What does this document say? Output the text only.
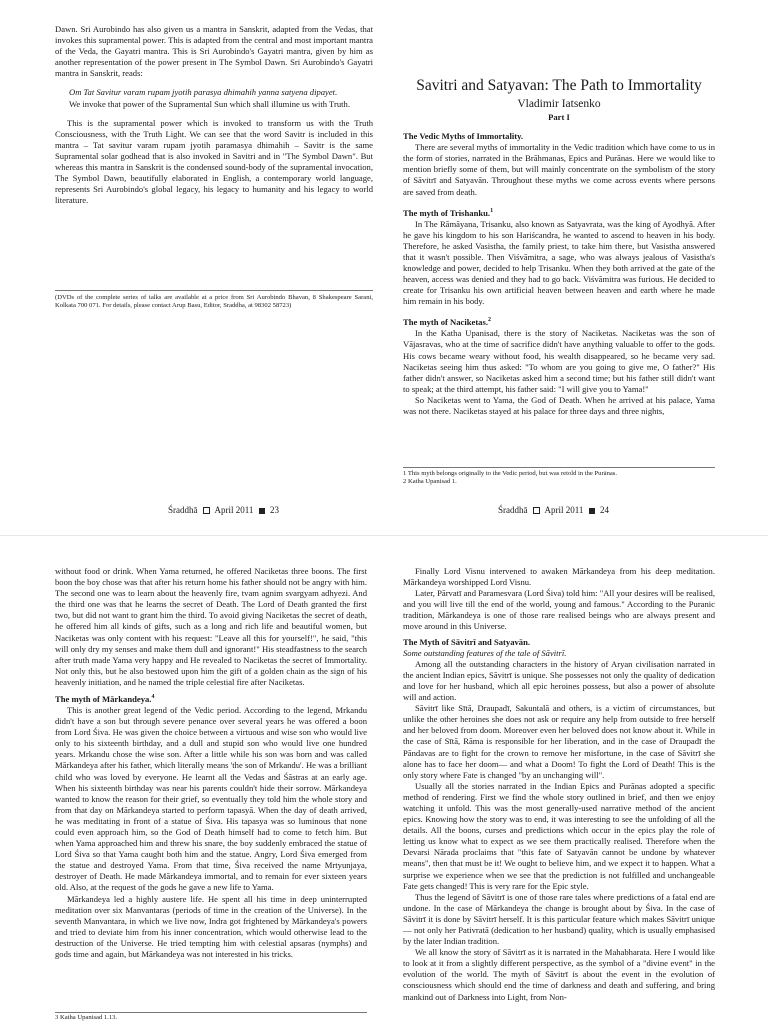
Dawn. Sri Aurobindo has also given us a mantra in Sanskrit, adapted from the Vedas, that invokes this supramental power. This is adapted from the central and most important mantra of the Veda, the Gayatri mantra. This is Sri Aurobindo's Gayatri mantra, given by him as another representation of the power present in The Symbol Dawn. Sri Aurobindo's Gayatri mantra in Sanskrit, reads:

Om Tat Savitur varam rupam jyotih parasya dhimahih yanna satyena dipayet.

We invoke that power of the Supramental Sun which shall illumine us with Truth.

This is the supramental power which is invoked to transform us with the Truth Consciousness, with the Truth Light. We can see that the word Savitr is included in this mantra – Tat savitur varam rupam jyotih paramasya dhimahih – Savitr is the same Supramental solar godhead that is also invoked in Savitri and in "The Symbol Dawn". But whereas this mantra in Sanskrit is the condensed sound-body of the supramental invocation, The Symbol Dawn, beautifully elaborated in English, a contemporary world language, represents Sri Aurobindo's global legacy, his legacy to humanity and his legacy to world literature.

(DVDs of the complete series of talks are available at a price from Sri Aurobindo Bhavan, 8 Shakespeare Sarani, Kolkata 700 071. For details, please contact Arup Basu, Editor, Sraddha, at 98302 58723)
Śraddhā April 2011 23

Savitri and Satyavan: The Path to Immortality

Vladimir Iatsenko

Part I

The Vedic Myths of Immortality.

There are several myths of immortality in the Vedic tradition which have come to us in the form of stories, narrated in the Brāhmanas, Epics and Purānas. Here we would like to mention briefly some of them, but will mainly concentrate on the symbolism of the story of Sāvitrī and Satyavān. Throughout these myths we come across events where persons are saved from death.

The myth of Trishanku.$^1$

In The Rāmāyana, Trisanku, also known as Satyavrata, was the king of Ayodhyā. After he gave his kingdom to his son Hariścandra, he wanted to ascend to heaven in his body. Therefore, he asked Vasistha, the family priest, to take him there, but Vasistha answered that it wasn't possible. Then Viśvāmitra, a sage, who was always jealous of Vasistha's knowledge and power, decided to help Trisanku. When they both arrived at the gate of the heaven, access was denied and they had to go back. Viśvāmitra was furious. He decided to create for Trisanku his own artificial heaven between heaven and earth where he made him remain in his body.

The myth of Naciketas.$^2$

In the Katha Upanisad, there is the story of Naciketas. Naciketas was the son of Vājasravas, who at the time of sacrifice didn't have anything valuable to offer to the gods. His cows became weary without food, his wealth disappeared, so he became very sad. Naciketas seeing him thus asked: "To whom are you going to give me, O father?" His father didn't answer, so Naciketas asked him a second time; but his father still didn't want to speak; at the third attempt, his father said: "I will give you to Yama!"

So Naciketas went to Yama, the God of Death. When he arrived at his palace, Yama was not there. Naciketas stayed at his palace for three days and three nights,

1 This myth belongs originally to the Vedic period, but was retold in the Purānas.
2 Katha Upanisad 1.
Śraddhā April 2011 24

without food or drink. When Yama returned, he offered Naciketas three boons. The first boon the boy chose was that after his return home his father should not be angry with him. The second one was to learn about the heavenly fire, tvam agnim svargyam adhyezi. And the third one was that he learns the secret of Death. The Lord of Death granted the first two, but did not want to grant him the third. To avoid giving Naciketas the secret of death, he offered him all kinds of gifts, such as a long and rich life and beautiful women, but Naciketas was only content with his request: "Leave all this for yourself!", he said, "this will only dry my senses and make them dull and ignorant!" His steadfastness to the search after truth made Yama very happy and He revealed to Naciketas the secret of Immortality. Not only this, but he also bestowed upon him the gift of a golden chain as the sign of his heavenly initiation, and he named the triple celestial fire after Naciketas.

The myth of Mārkandeya.$^4$

This is another great legend of the Vedic period. According to the legend, Mrkandu didn't have a son but through severe penance over several years he was offered a boon from Lord Śiva. He was given the choice between a virtuous and wise son who would live only to his sixteenth birthday, and a dull and stupid son who would live one hundred years. Mrkandu chose the wise son. After a little while his son was born and was called Mārkandeya after his father, which literally means 'the son of Mrkandu'. He was a brilliant child who was loved by everyone. He learnt all the Vedas and Śāstras at an early age. When his sixteenth birthday was near his parents couldn't hide their sorrow. Mārkandeya wanted to know the reason for their grief, so eventually they told him the whole story and from that day on Mārkandeya started to perform tapasyā. When the day of death arrived, he was meditating in front of a statue of Śiva. His tapasya was so luminous that none could even approach him, so the God of Death himself had to come to fetch him. But when Yama approached him and threw his snare, the boy suddenly embraced the statue of Lord Śiva so that Yama caught both him and the statue. Angry, Lord Śiva emerged from the statue and destroyed Yama. From that time, Śiva received the name Mrtyunjaya, destroyer of Death. He made Mārkandeya immortal, and to remain for ever sixteen years old. Also, at the request of the gods he gave a new life to Yama.

Mārkandeya led a highly austere life. He spent all his time in deep uninterrupted meditation over six Manvantaras (periods of time in the creation of the Universe). In the seventh Manvantara, in which we live now, Indra got frightened by Mārkandeya's powers and tried to deviate him from his inner concentration, which would otherwise lead to the destruction of the Universe. He tried tempting him with celestial apsaras (nymphs) and gods time and again, but Mārkandeya was not interested in his tricks.

3 Katha Upanisad 1.13.

Finally Lord Visnu intervened to awaken Mārkandeya from his deep meditation. Mārkandeya worshipped Lord Visnu.

Later, Pārvatī and Paramesvara (Lord Śiva) told him: "All your desires will be realised, and you will live till the end of the world, young and famous." According to the Puranic tradition, Mārkandeya is one of those rare realised beings who are always present and move around in this Universe.

The Myth of Sāvitrī and Satyavān.

Some outstanding features of the tale of Sāvitrī.

Among all the outstanding characters in the history of Aryan civilisation narrated in the ancient Indian epics, Sāvitrī is unique. She possesses not only the quality of dedication and love for her husband, which all epic heroines possess, but also a power of absolute will and action.

Sāvitrī like Sītā, Draupadī, Sakuntalā and others, is a victim of circumstances, but unlike the other heroines she does not ask or require any help from outside to free herself and her beloved from doom. Moreover even her beloved does not know about it. While in the case of Sītā, Rāma is responsible for her liberation, and in the case of Draupadī the Pāndavas are to fight for the crown to remove her misfortune, in the case of Sāvitrī she alone has to face her doom— and what a Doom! To fight the Lord of Death! This is the only story where Fate is changed "by an unchanging will".

Usually all the stories narrated in the Indian Epics and Purānas adopted a specific method of rendering. First we find the whole story outlined in brief, and then we enjoy watching it unfold. This was the most generally-used narrative method of the ancient epics. Knowing how the story was to end, it was interesting to see the unfolding of all the details. All the boons, curses and predictions which occur in the epics play the role of letting us know what to expect as we see them practically realised. Therefore when the Devarsi Nārada proclaims that "this fate of Satyavān cannot be undone by whatever means", then that must be it! We ought to believe him, and we expect it to happen. What a surprise we experience when we see that the prediction is not fulfilled and unchangeable Fate gets changed! This is very rare for the Epic style.

Thus the legend of Sāvitrī is one of those rare tales where predictions of a fatal end are undone. In the case of Mārkandeya the change is brought about by Śiva. In the case of Sāvitrī it is done by Sāvitrī herself. It is this particular feature which makes Sāvitrī unique— not only her Pativratā (dedication to her husband) quality, which is usually emphasised by the later Indian tradition.

We all know the story of Sāvitrī as it is narrated in the Mahabharata. Here I would like to look at it from a slightly different perspective, as the symbol of a "divine event" in the evolution of the world. The myth of Sāvitrī is about the event in the evolution of consciousness which should end the time of darkness and death and suffering, and bring mankind out of Darkness into Light, from Non-
